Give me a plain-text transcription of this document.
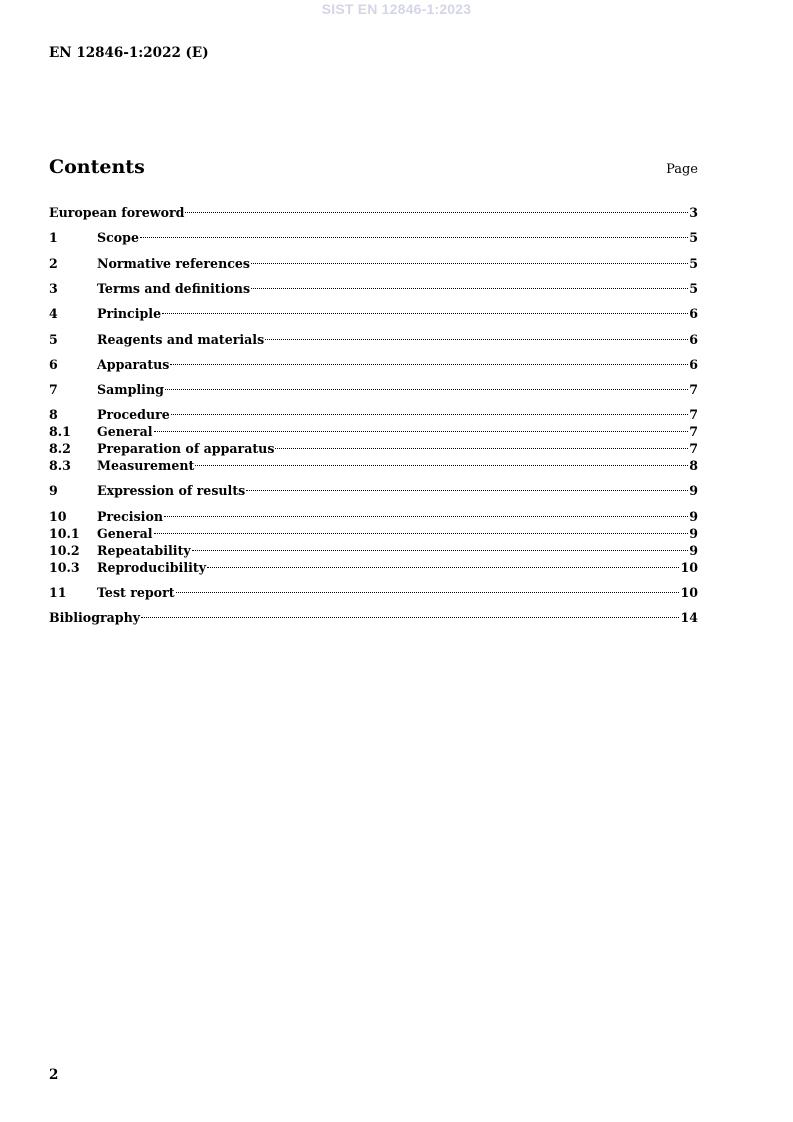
SIST EN 12846-1:2023
EN 12846-1:2022 (E)
Contents	Page
European foreword	3
1	Scope	5
2	Normative references	5
3	Terms and definitions	5
4	Principle	6
5	Reagents and materials	6
6	Apparatus	6
7	Sampling	7
8	Procedure	7
8.1	General	7
8.2	Preparation of apparatus	7
8.3	Measurement	8
9	Expression of results	9
10	Precision	9
10.1	General	9
10.2	Repeatability	9
10.3	Reproducibility	10
11	Test report	10
Bibliography	14
2
